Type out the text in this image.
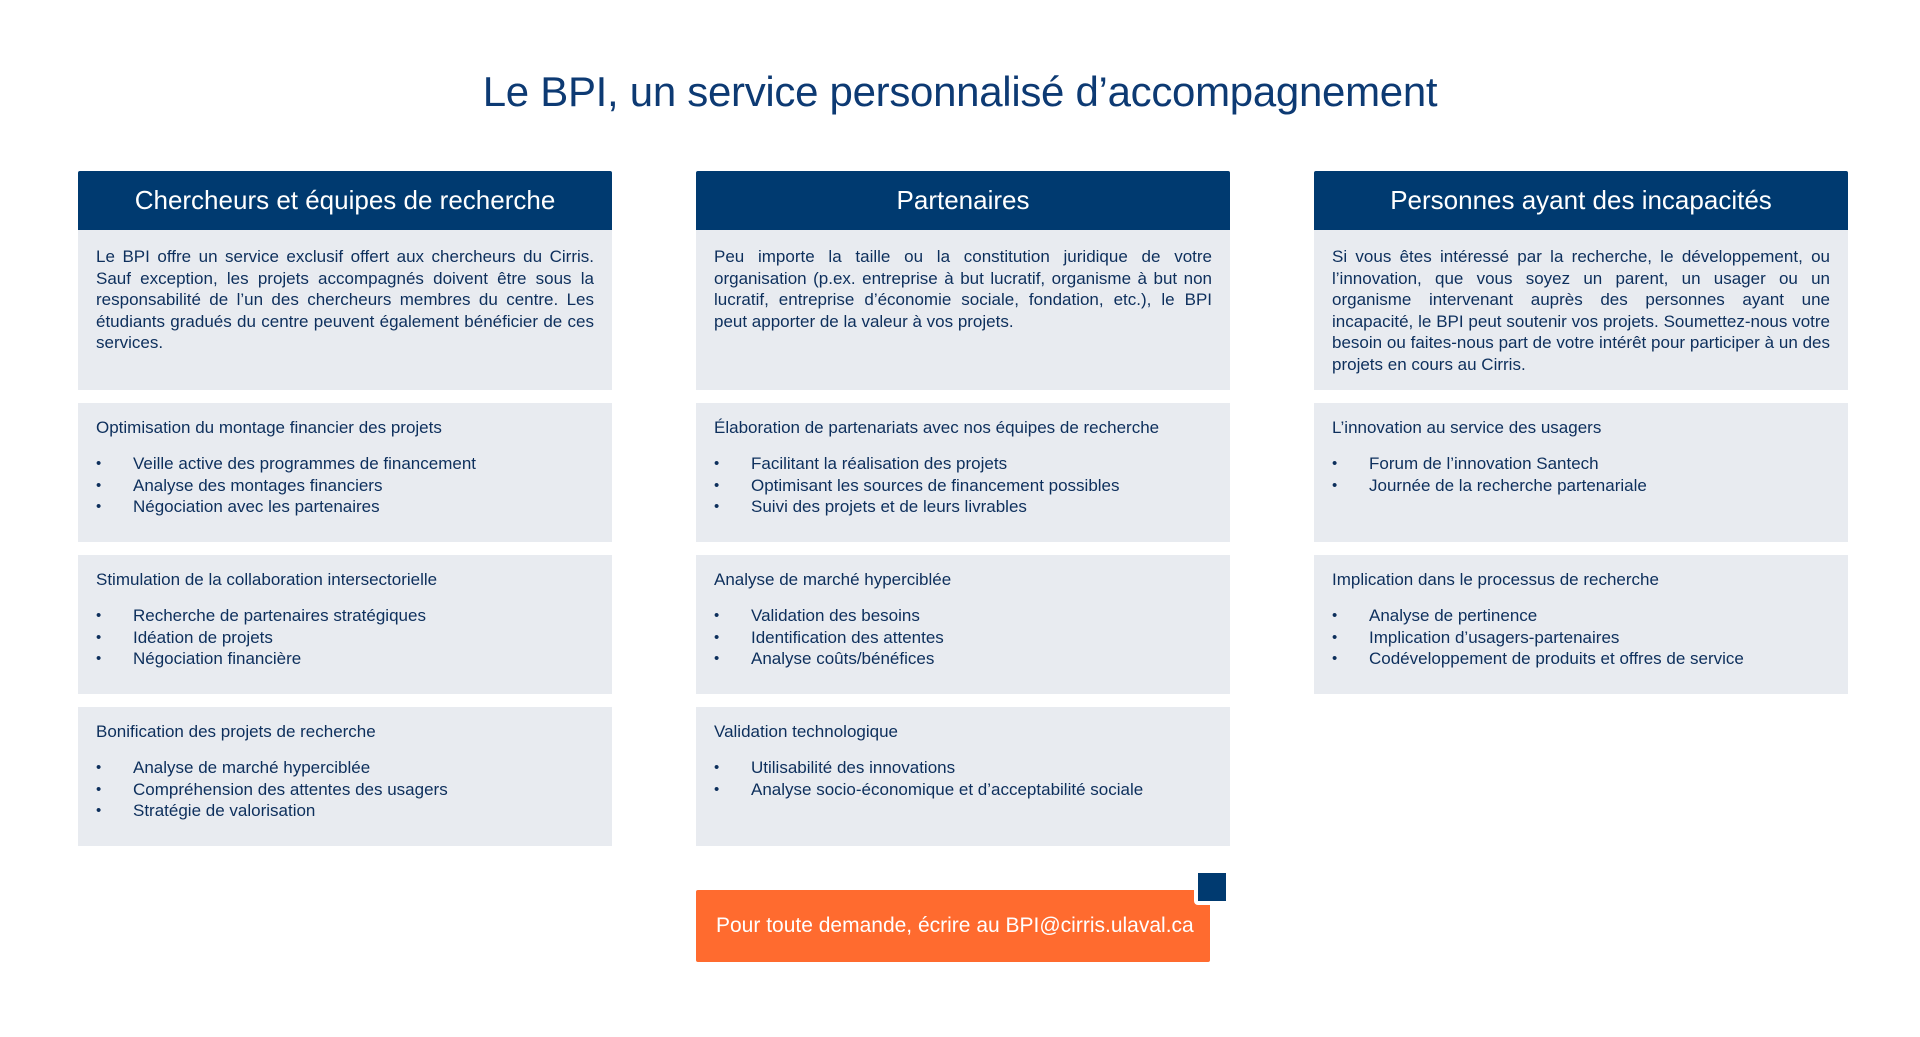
Le BPI, un service personnalisé d’accompagnement
Chercheurs et équipes de recherche
Le BPI offre un service exclusif offert aux chercheurs du Cirris. Sauf exception, les projets accompagnés doivent être sous la responsabilité de l’un des chercheurs membres du centre. Les étudiants gradués du centre peuvent également bénéficier de ces services.
Optimisation du montage financier des projets
• Veille active des programmes de financement
• Analyse des montages financiers
• Négociation avec les partenaires
Stimulation de la collaboration intersectorielle
• Recherche de partenaires stratégiques
• Idéation de projets
• Négociation financière
Bonification des projets de recherche
• Analyse de marché hyperciblée
• Compréhension des attentes des usagers
• Stratégie de valorisation
Partenaires
Peu importe la taille ou la constitution juridique de votre organisation (p.ex. entreprise à but lucratif, organisme à but non lucratif, entreprise d’économie sociale, fondation, etc.), le BPI peut apporter de la valeur à vos projets.
Élaboration de partenariats avec nos équipes de recherche
• Facilitant la réalisation des projets
• Optimisant les sources de financement possibles
• Suivi des projets et de leurs livrables
Analyse de marché hyperciblée
• Validation des besoins
• Identification des attentes
• Analyse coûts/bénéfices
Validation technologique
• Utilisabilité des innovations
• Analyse socio-économique et d’acceptabilité sociale
Personnes ayant des incapacités
Si vous êtes intéressé par la recherche, le développement, ou l’innovation, que vous soyez un parent, un usager ou un organisme intervenant auprès des personnes ayant une incapacité, le BPI peut soutenir vos projets. Soumettez-nous votre besoin ou faites-nous part de votre intérêt pour participer à un des projets en cours au Cirris.
L’innovation au service des usagers
• Forum de l’innovation Santech
• Journée de la recherche partenariale
Implication dans le processus de recherche
• Analyse de pertinence
• Implication d’usagers-partenaires
• Codéveloppement de produits et offres de service
Pour toute demande, écrire au BPI@cirris.ulaval.ca
